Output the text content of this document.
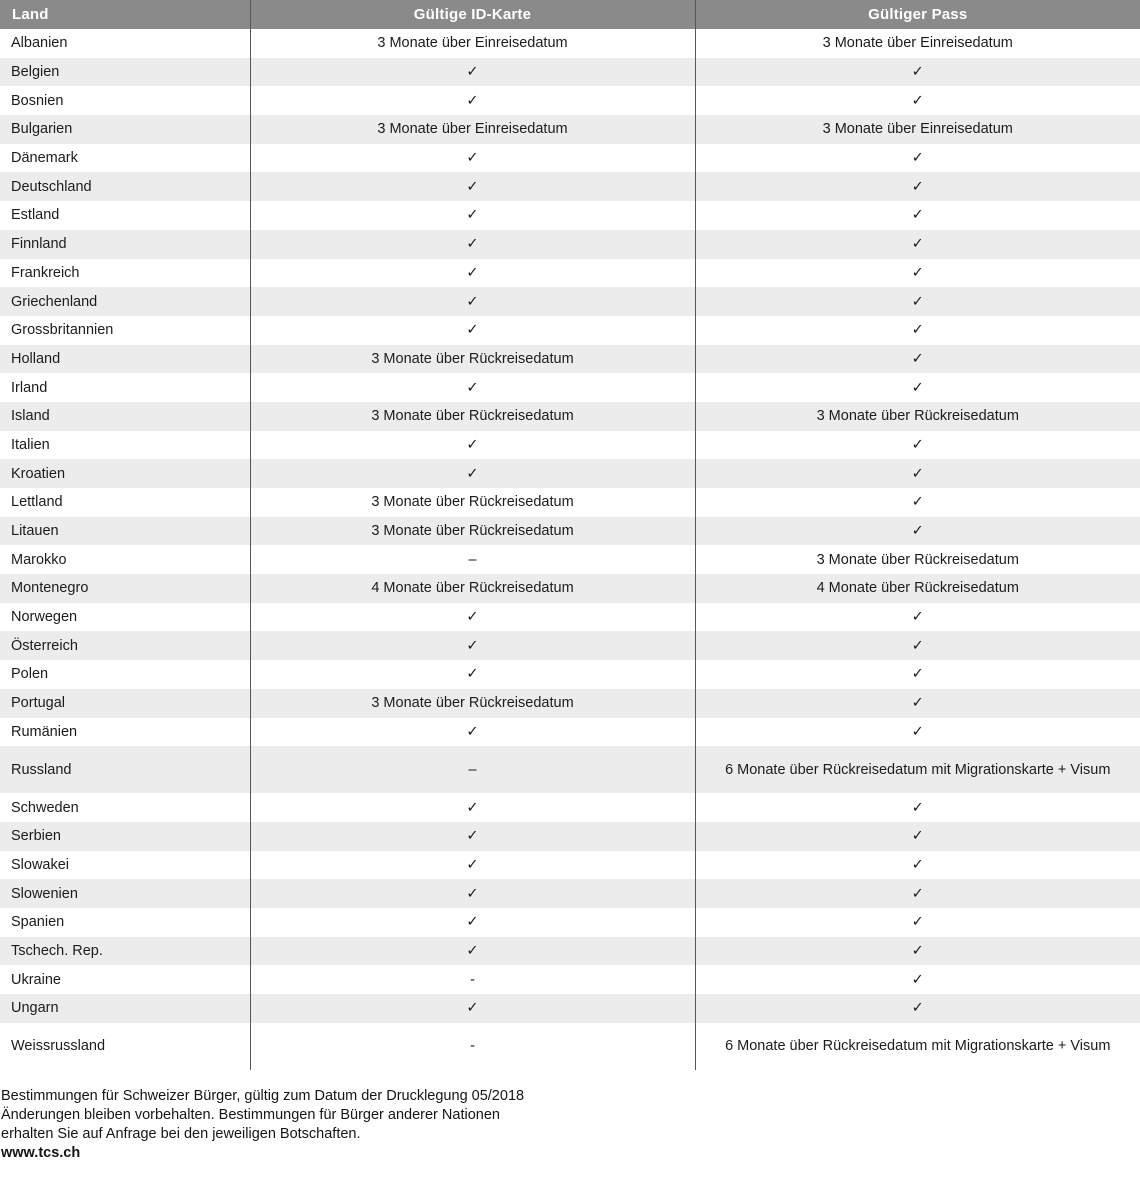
Land	Gültige ID-Karte	Gültiger Pass
Albanien	3 Monate über Einreisedatum	3 Monate über Einreisedatum
Belgien	✓	✓
Bosnien	✓	✓
Bulgarien	3 Monate über Einreisedatum	3 Monate über Einreisedatum
Dänemark	✓	✓
Deutschland	✓	✓
Estland	✓	✓
Finnland	✓	✓
Frankreich	✓	✓
Griechenland	✓	✓
Grossbritannien	✓	✓
Holland	3 Monate über Rückreisedatum	✓
Irland	✓	✓
Island	3 Monate über Rückreisedatum	3 Monate über Rückreisedatum
Italien	✓	✓
Kroatien	✓	✓
Lettland	3 Monate über Rückreisedatum	✓
Litauen	3 Monate über Rückreisedatum	✓
Marokko	–	3 Monate über Rückreisedatum
Montenegro	4 Monate über Rückreisedatum	4 Monate über Rückreisedatum
Norwegen	✓	✓
Österreich	✓	✓
Polen	✓	✓
Portugal	3 Monate über Rückreisedatum	✓
Rumänien	✓	✓
Russland	–	6 Monate über Rückreisedatum mit Migrationskarte + Visum
Schweden	✓	✓
Serbien	✓	✓
Slowakei	✓	✓
Slowenien	✓	✓
Spanien	✓	✓
Tschech. Rep.	✓	✓
Ukraine	-	✓
Ungarn	✓	✓
Weissrussland	-	6 Monate über Rückreisedatum mit Migrationskarte + Visum
Bestimmungen für Schweizer Bürger, gültig zum Datum der Drucklegung 05/2018
Änderungen bleiben vorbehalten. Bestimmungen für Bürger anderer Nationen
erhalten Sie auf Anfrage bei den jeweiligen Botschaften.
www.tcs.ch
